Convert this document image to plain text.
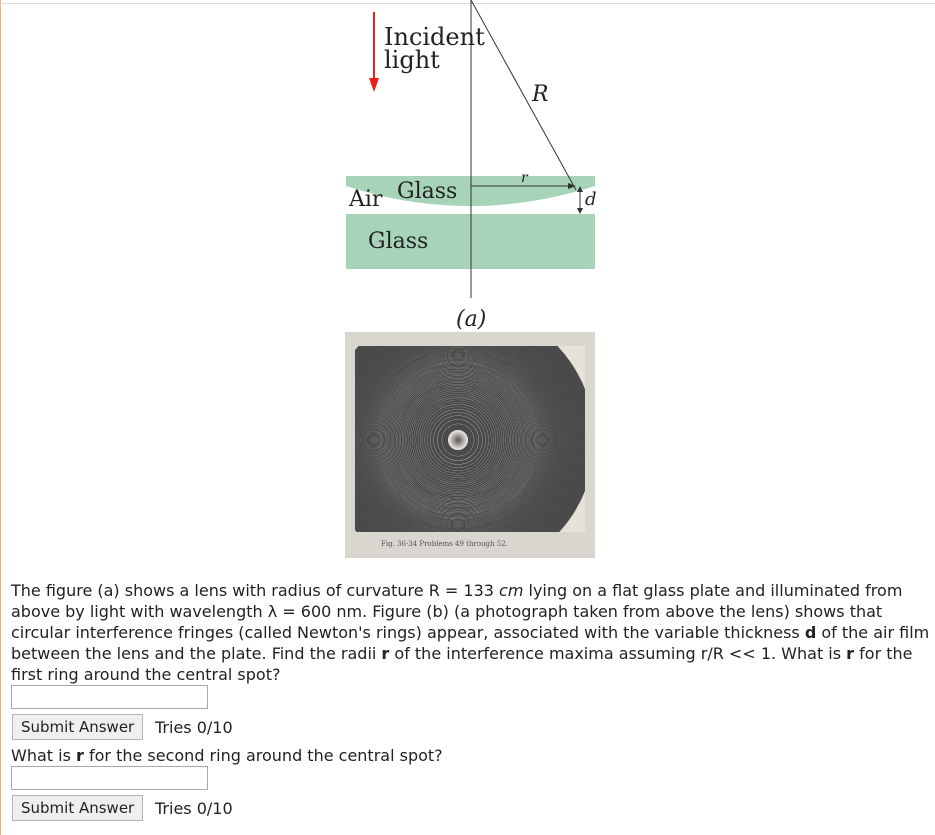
Incident
light
R
r
d
Air Glass
Glass
(a)
Fig. 36-34 Problems 49 through 52.
The figure (a) shows a lens with radius of curvature R = 133 cm lying on a flat glass plate and illuminated from above by light with wavelength λ = 600 nm. Figure (b) (a photograph taken from above the lens) shows that circular interference fringes (called Newton's rings) appear, associated with the variable thickness d of the air film between the lens and the plate. Find the radii r of the interference maxima assuming r/R << 1. What is r for the first ring around the central spot?
Submit Answer	Tries 0/10
What is r for the second ring around the central spot?
Submit Answer	Tries 0/10
